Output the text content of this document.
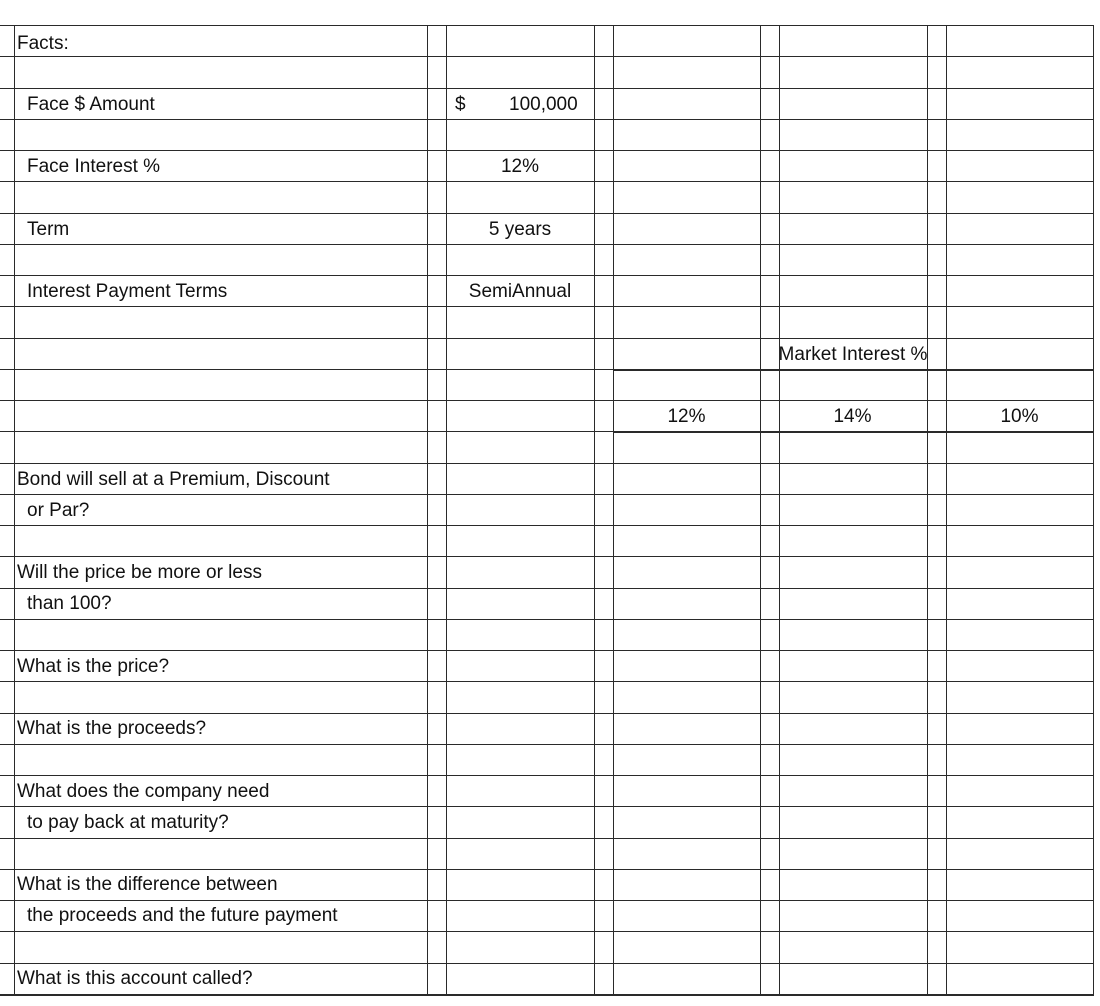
Facts:
Face $ Amount	$ 100,000
Face Interest %	12%
Term	5 years
Interest Payment Terms	SemiAnnual
Market Interest %
12%	14%	10%
Bond will sell at a Premium, Discount
or Par?
Will the price be more or less
than 100?
What is the price?
What is the proceeds?
What does the company need
to pay back at maturity?
What is the difference between
the proceeds and the future payment
What is this account called?
